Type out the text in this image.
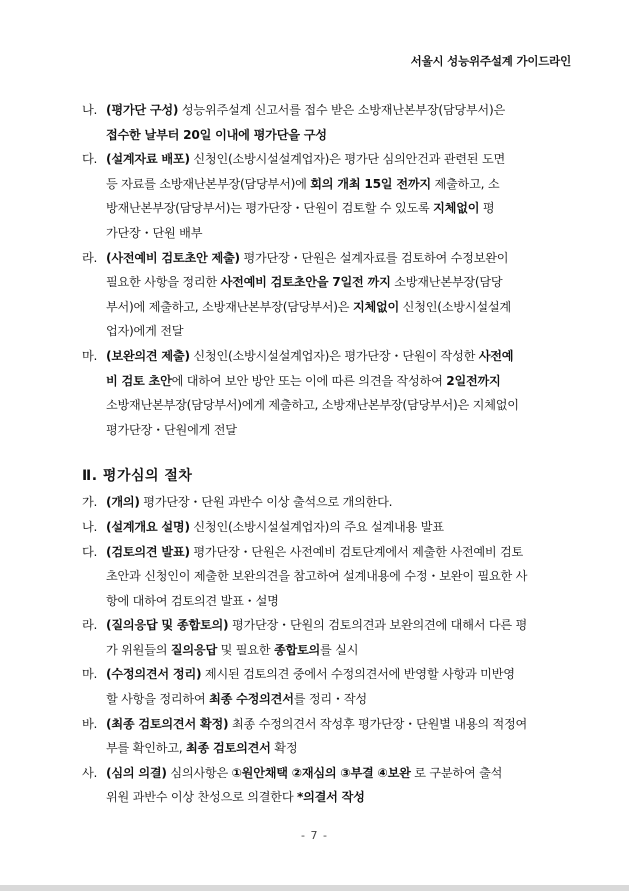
서울시 성능위주설계 가이드라인
나. (평가단 구성) 성능위주설계 신고서를 접수 받은 소방재난본부장(담당부서)은
접수한 날부터 20일 이내에 평가단을 구성
다. (설계자료 배포) 신청인(소방시설설계업자)은 평가단 심의안건과 관련된 도면
등 자료를 소방재난본부장(담당부서)에 회의 개최 15일 전까지 제출하고, 소
방재난본부장(담당부서)는 평가단장・단원이 검토할 수 있도록 지체없이 평
가단장・단원 배부
라. (사전예비 검토초안 제출) 평가단장・단원은 설계자료를 검토하여 수정보완이
필요한 사항을 정리한 사전예비 검토초안을 7일전 까지 소방재난본부장(담당
부서)에 제출하고, 소방재난본부장(담당부서)은 지체없이 신청인(소방시설설계
업자)에게 전달
마. (보완의견 제출) 신청인(소방시설설계업자)은 평가단장・단원이 작성한 사전예
비 검토 초안에 대하여 보안 방안 또는 이에 따른 의견을 작성하여 2일전까지
소방재난본부장(담당부서)에게 제출하고, 소방재난본부장(담당부서)은 지체없이
평가단장・단원에게 전달
Ⅱ. 평가심의 절차
가. (개의) 평가단장・단원 과반수 이상 출석으로 개의한다.
나. (설계개요 설명) 신청인(소방시설설계업자)의 주요 설계내용 발표
다. (검토의견 발표) 평가단장・단원은 사전예비 검토단계에서 제출한 사전예비 검토
초안과 신청인이 제출한 보완의견을 참고하여 설계내용에 수정・보완이 필요한 사
항에 대하여 검토의견 발표・설명
라. (질의응답 및 종합토의) 평가단장・단원의 검토의견과 보완의견에 대해서 다른 평
가 위원들의 질의응답 및 필요한 종합토의를 실시
마. (수정의견서 정리) 제시된 검토의견 중에서 수정의견서에 반영할 사항과 미반영
할 사항을 정리하여 최종 수정의견서를 정리・작성
바. (최종 검토의견서 확정) 최종 수정의견서 작성후 평가단장・단원별 내용의 적정여
부를 확인하고, 최종 검토의견서 확정
사. (심의 의결) 심의사항은 ①원안채택 ②재심의 ③부결 ④보완 로 구분하여 출석
위원 과반수 이상 찬성으로 의결한다 *의결서 작성
- 7 -
